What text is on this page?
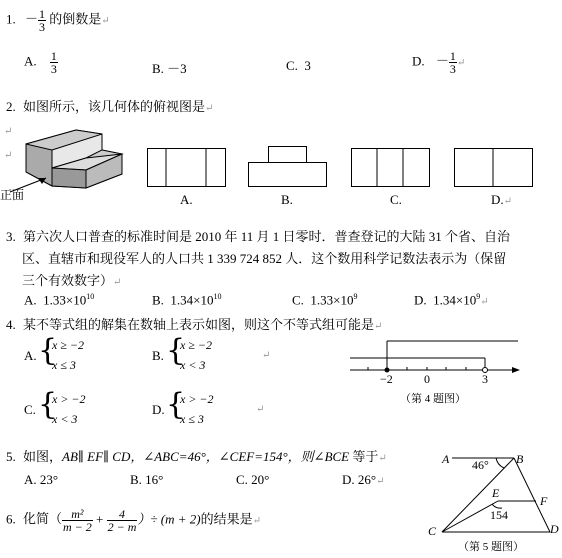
1. － $\frac{1}{3}$ 的倒数是↵
A. $\frac{1}{3}$	B. －3	C. 3	D. － $\frac{1}{3}$ ↵
2. 如图所示，该几何体的俯视图是↵
↵
↵
正面	A.	B.	C.	D.↵
3. 第六次人口普查的标准时间是 2010 年 11 月 1 日零时．普查登记的大陆 31 个省、自治
区、直辖市和现役军人的人口共 1 339 724 852 人．这个数用科学记数法表示为（保留
三个有效数字）↵
A. $1.33\times 10^{10}$	B. $1.34\times 10^{10}$	C. $1.33\times 10^9$	D. $1.34\times 10^9↵$
4. 某不等式组的解集在数轴上表示如图，则这个不等式组可能是↵
A. {
x ≥ −2
x ≤ 3
B. {
x ≥ −2
x < 3
↵
C. {
x > −2
x < 3
D. {
x > −2
x ≤ 3
↵
−2	0	3
（第 4 题图）
5. 如图，AB∥ EF∥ CD，∠ABC=46°，∠CEF=154°，则∠BCE 等于↵
A. 23°	B. 16°	C. 20°	D. 26°↵
A	B
46°
E
F
154
C	D
（第 5 题图）
6. 化简（ $\frac{\text{m²}}{m - 2} + \frac{4}{2 - m}$ ）÷ (m + 2)的结果是↵
